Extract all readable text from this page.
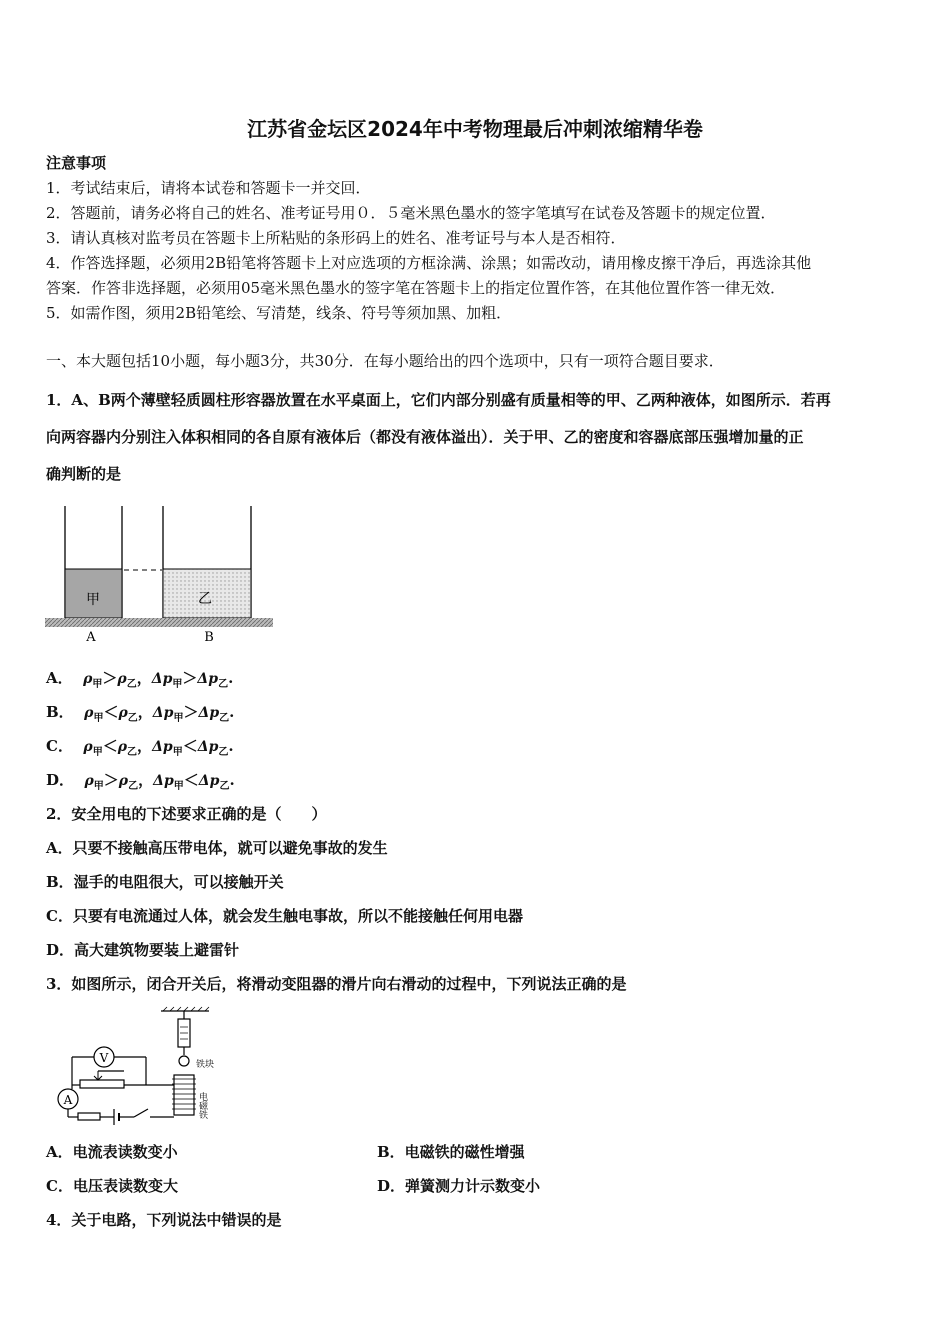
江苏省金坛区2024年中考物理最后冲刺浓缩精华卷
注意事项
1．考试结束后，请将本试卷和答题卡一并交回．
2．答题前，请务必将自己的姓名、准考证号用０．５毫米黑色墨水的签字笔填写在试卷及答题卡的规定位置．
3．请认真核对监考员在答题卡上所粘贴的条形码上的姓名、准考证号与本人是否相符．
4．作答选择题，必须用2B铅笔将答题卡上对应选项的方框涂满、涂黑；如需改动，请用橡皮擦干净后，再选涂其他
答案．作答非选择题，必须用05毫米黑色墨水的签字笔在答题卡上的指定位置作答，在其他位置作答一律无效．
5．如需作图，须用2B铅笔绘、写清楚，线条、符号等须加黑、加粗．
一、本大题包括10小题，每小题3分，共30分．在每小题给出的四个选项中，只有一项符合题目要求．
1．A、B两个薄壁轻质圆柱形容器放置在水平桌面上，它们内部分别盛有质量相等的甲、乙两种液体，如图所示．若再
向两容器内分别注入体积相同的各自原有液体后（都没有液体溢出）．关于甲、乙的密度和容器底部压强增加量的正
确判断的是
甲	乙
A	B
A． $\rho_甲>\rho_乙$，$\Delta p_甲>\Delta p_乙$.
B． $\rho_甲<\rho_乙$，$\Delta p_甲>\Delta p_乙$.
C． $\rho_甲<\rho_乙$，$\Delta p_甲<\Delta p_乙$.
D． $\rho_甲>\rho_乙$，$\Delta p_甲<\Delta p_乙$.
2．安全用电的下述要求正确的是（　　）
A．只要不接触高压带电体，就可以避免事故的发生
B．湿手的电阻很大，可以接触开关
C．只要有电流通过人体，就会发生触电事故，所以不能接触任何用电器
D．高大建筑物要装上避雷针
3．如图所示，闭合开关后，将滑动变阻器的滑片向右滑动的过程中，下列说法正确的是
V
A
铁块
电磁铁
A．电流表读数变小	B．电磁铁的磁性增强
C．电压表读数变大	D．弹簧测力计示数变小
4．关于电路，下列说法中错误的是
